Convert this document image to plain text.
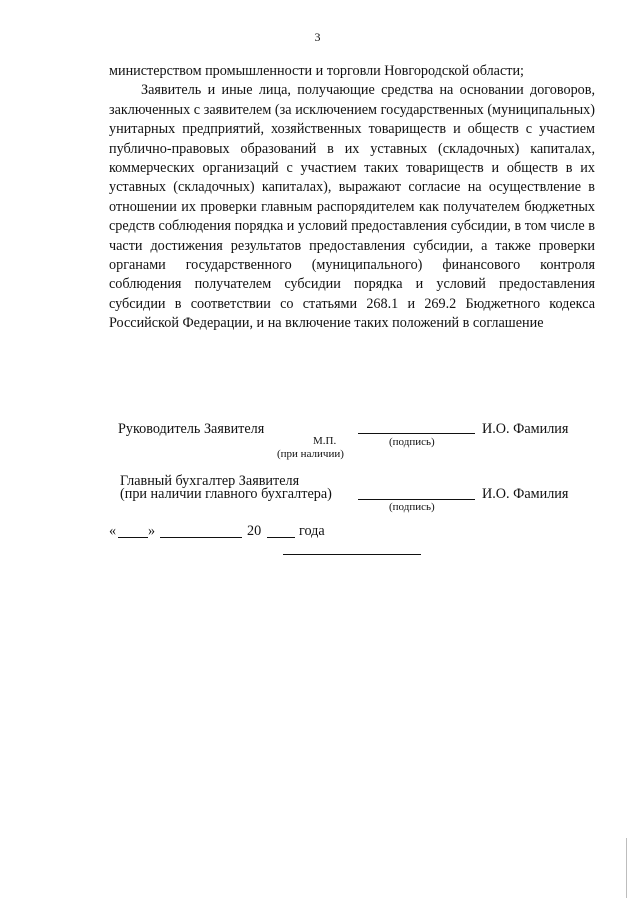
3

министерством промышленности и торговли Новгородской области;

Заявитель и иные лица, получающие средства на основании договоров, заключенных с заявителем (за исключением государственных (муниципальных) унитарных предприятий, хозяйственных товариществ и обществ с участием публично-правовых образований в их уставных (складочных) капиталах, коммерческих организаций с участием таких товариществ и обществ в их уставных (складочных) капиталах), выражают согласие на осуществление в отношении их проверки главным распорядителем как получателем бюджетных средств соблюдения порядка и условий предоставления субсидии, в том числе в части достижения результатов предоставления субсидии, а также проверки органами государственного (муниципального) финансового контроля соблюдения получателем субсидии порядка и условий предоставления субсидии в соответствии со статьями 268.1 и 269.2 Бюджетного кодекса Российской Федерации, и на включение таких положений в соглашение

Руководитель Заявителя	И.О. Фамилия
М.П.	(подпись)
(при наличии)
Главный бухгалтер Заявителя
(при наличии главного бухгалтера)	И.О. Фамилия
(подпись)
« »	20	года
